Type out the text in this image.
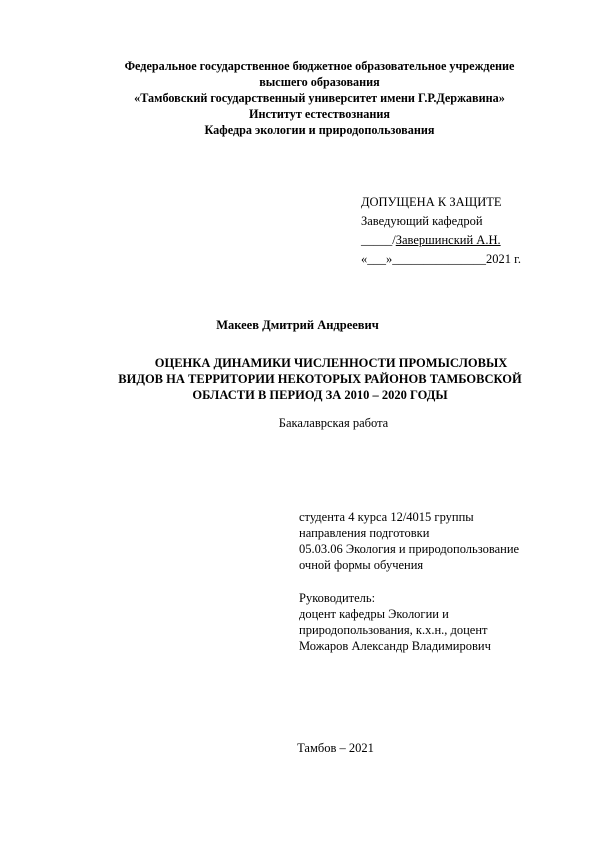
Федеральное государственное бюджетное образовательное учреждение
высшего образования
«Тамбовский государственный университет имени Г.Р.Державина»
Институт естествознания
Кафедра экологии и природопользования
ДОПУЩЕНА К ЗАЩИТЕ
Заведующий кафедрой
_____/Завершинский А.Н.
«___»_______________2021 г.
Макеев Дмитрий Андреевич
ОЦЕНКА ДИНАМИКИ ЧИСЛЕННОСТИ ПРОМЫСЛОВЫХ
ВИДОВ НА ТЕРРИТОРИИ НЕКОТОРЫХ РАЙОНОВ ТАМБОВСКОЙ
ОБЛАСТИ В ПЕРИОД ЗА 2010 – 2020 ГОДЫ
Бакалаврская работа
студента 4 курса 12/4015 группы
направления подготовки
05.03.06 Экология и природопользование
очной формы обучения
Руководитель:
доцент кафедры Экологии и
природопользования, к.х.н., доцент
Можаров Александр Владимирович
Тамбов – 2021
